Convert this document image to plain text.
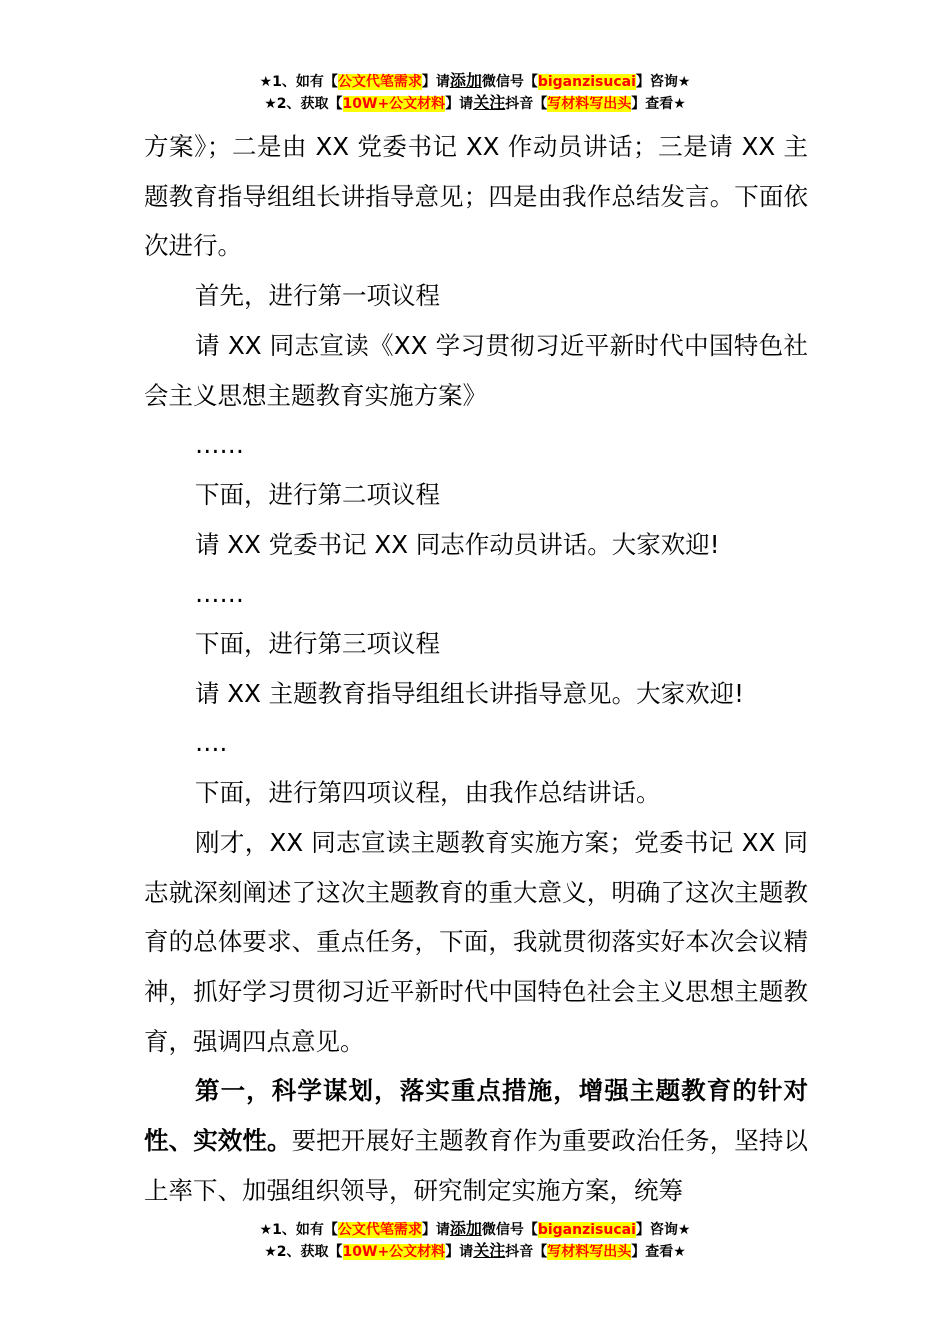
★1、如有【公文代笔需求】请添加微信号【biganzisucai】咨询★
★2、获取【10W+公文材料】请关注抖音【写材料写出头】查看★

方案》；二是由 XX 党委书记 XX 作动员讲话；三是请 XX 主题教育指导组组长讲指导意见；四是由我作总结发言。下面依次进行。

首先，进行第一项议程

请 XX 同志宣读《XX 学习贯彻习近平新时代中国特色社会主义思想主题教育实施方案》

……

下面，进行第二项议程

请 XX 党委书记 XX 同志作动员讲话。大家欢迎!

……

下面，进行第三项议程

请 XX 主题教育指导组组长讲指导意见。大家欢迎!

….

下面，进行第四项议程，由我作总结讲话。

刚才，XX 同志宣读主题教育实施方案；党委书记 XX 同志就深刻阐述了这次主题教育的重大意义，明确了这次主题教育的总体要求、重点任务，下面，我就贯彻落实好本次会议精神，抓好学习贯彻习近平新时代中国特色社会主义思想主题教育，强调四点意见。

第一，科学谋划，落实重点措施，增强主题教育的针对性、实效性。要把开展好主题教育作为重要政治任务，坚持以上率下、加强组织领导，研究制定实施方案，统筹

★1、如有【公文代笔需求】请添加微信号【biganzisucai】咨询★
★2、获取【10W+公文材料】请关注抖音【写材料写出头】查看★
